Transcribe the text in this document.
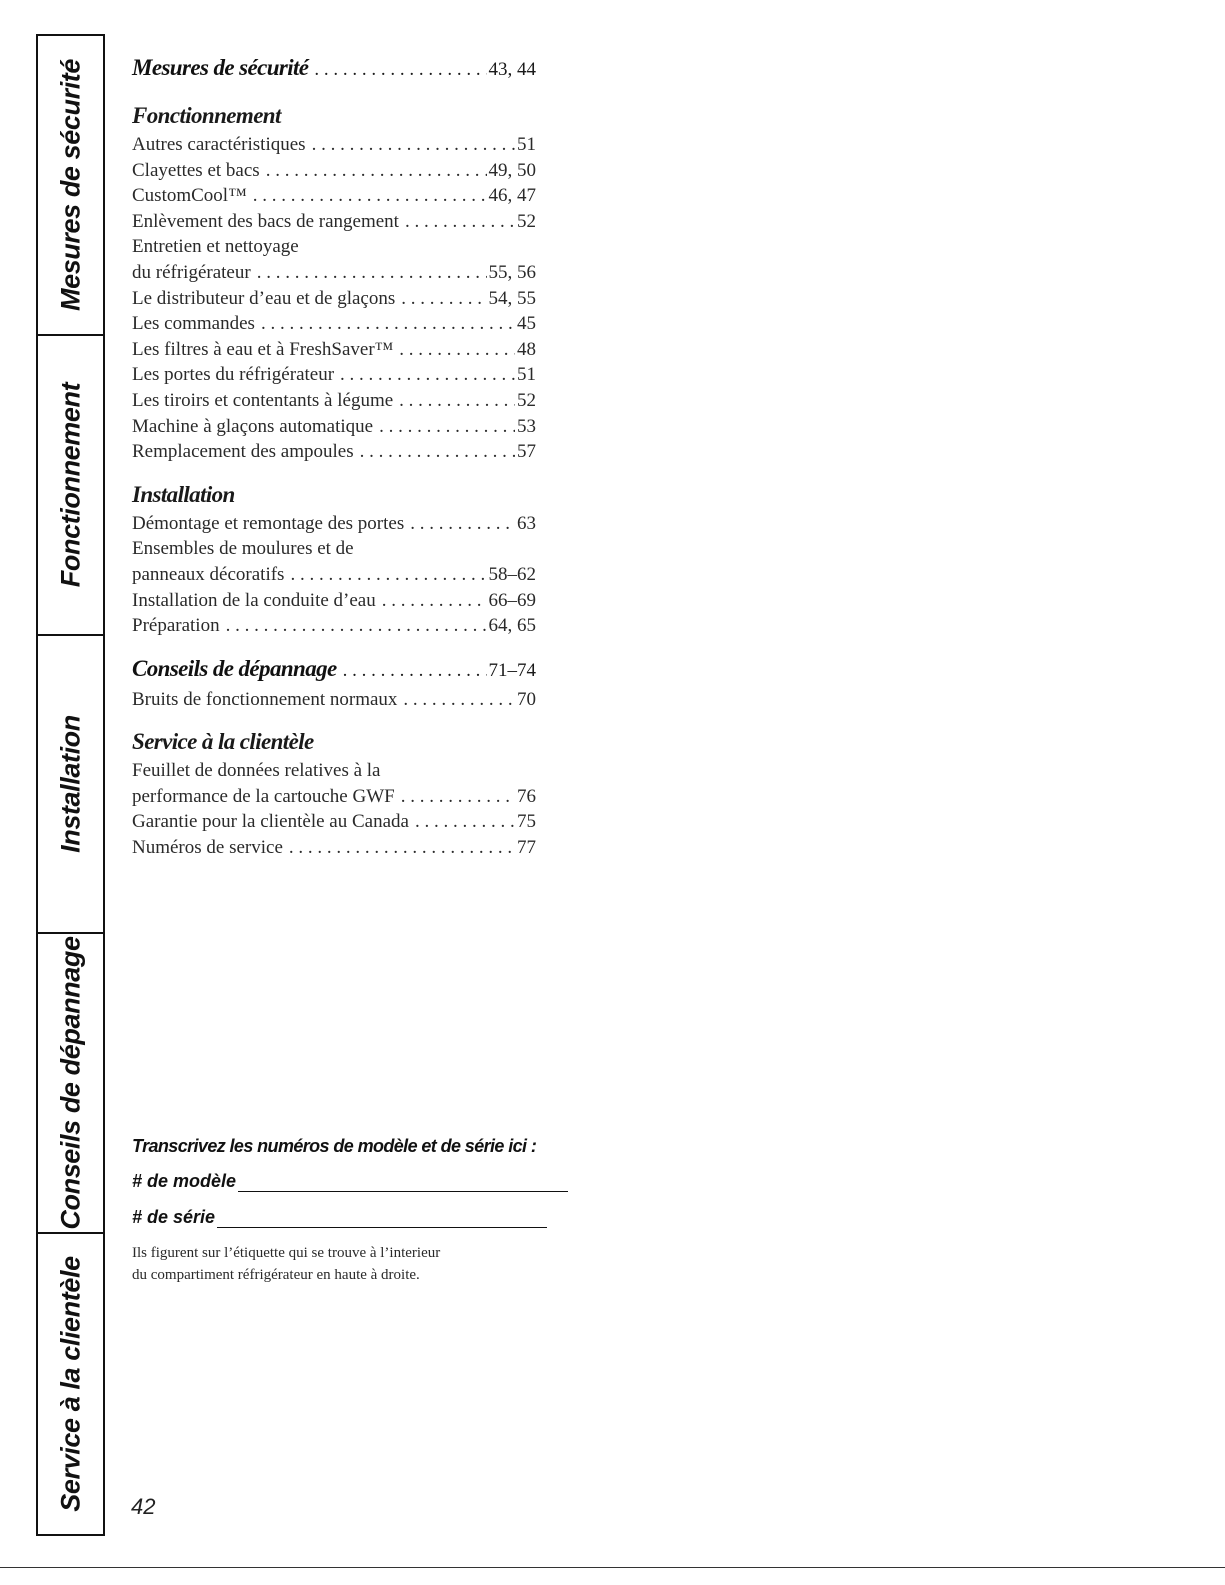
Mesures de sécurité
Fonctionnement
Installation
Conseils de dépannage
Service à la clientèle
Mesures de sécurité . . .	43, 44
Fonctionnement
Autres caractéristiques . . .	51
Clayettes et bacs . . .	49, 50
CustomCool™ . . .	46, 47
Enlèvement des bacs de rangement . . .	52
Entretien et nettoyage
du réfrigérateur . . .	55, 56
Le distributeur d’eau et de glaçons . . .	54, 55
Les commandes . . .	45
Les filtres à eau et à FreshSaver™ . . .	48
Les portes du réfrigérateur . . .	51
Les tiroirs et contentants à légume . . .	52
Machine à glaçons automatique . . .	53
Remplacement des ampoules . . .	57
Installation
Démontage et remontage des portes . . .	63
Ensembles de moulures et de
panneaux décoratifs . . .	58–62
Installation de la conduite d’eau . . .	66–69
Préparation . . .	64, 65
Conseils de dépannage . . .	71–74
Bruits de fonctionnement normaux . . .	70
Service à la clientèle
Feuillet de données relatives à la
performance de la cartouche GWF . . .	76
Garantie pour la clientèle au Canada . . .	75
Numéros de service . . .	77
Transcrivez les numéros de modèle et de série ici :
# de modèle
# de série
Ils figurent sur l’étiquette qui se trouve à l’interieur
du compartiment réfrigérateur en haute à droite.
42
